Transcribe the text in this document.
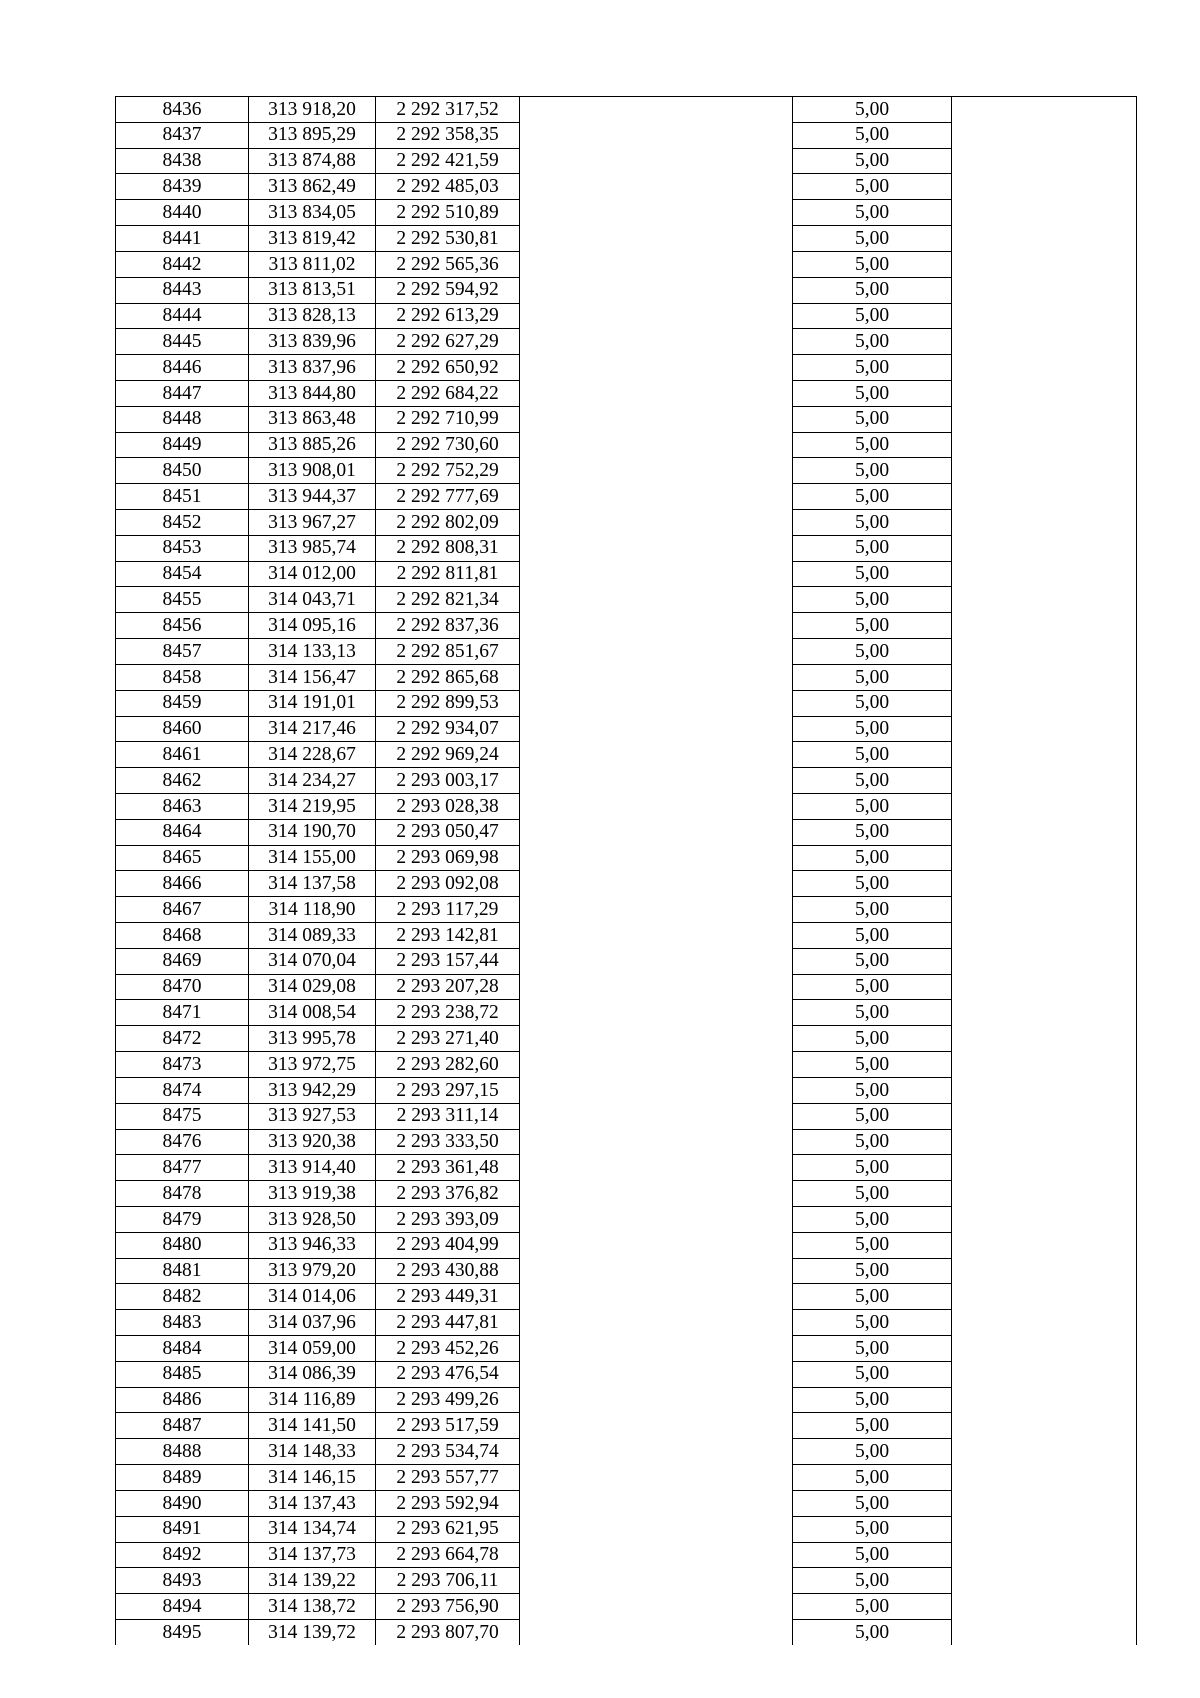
8436	313 918,20	2 292 317,52		5,00	
8437	313 895,29	2 292 358,35		5,00	
8438	313 874,88	2 292 421,59		5,00	
8439	313 862,49	2 292 485,03		5,00	
8440	313 834,05	2 292 510,89		5,00	
8441	313 819,42	2 292 530,81		5,00	
8442	313 811,02	2 292 565,36		5,00	
8443	313 813,51	2 292 594,92		5,00	
8444	313 828,13	2 292 613,29		5,00	
8445	313 839,96	2 292 627,29		5,00	
8446	313 837,96	2 292 650,92		5,00	
8447	313 844,80	2 292 684,22		5,00	
8448	313 863,48	2 292 710,99		5,00	
8449	313 885,26	2 292 730,60		5,00	
8450	313 908,01	2 292 752,29		5,00	
8451	313 944,37	2 292 777,69		5,00	
8452	313 967,27	2 292 802,09		5,00	
8453	313 985,74	2 292 808,31		5,00	
8454	314 012,00	2 292 811,81		5,00	
8455	314 043,71	2 292 821,34		5,00	
8456	314 095,16	2 292 837,36		5,00	
8457	314 133,13	2 292 851,67		5,00	
8458	314 156,47	2 292 865,68		5,00	
8459	314 191,01	2 292 899,53		5,00	
8460	314 217,46	2 292 934,07		5,00	
8461	314 228,67	2 292 969,24		5,00	
8462	314 234,27	2 293 003,17		5,00	
8463	314 219,95	2 293 028,38		5,00	
8464	314 190,70	2 293 050,47		5,00	
8465	314 155,00	2 293 069,98		5,00	
8466	314 137,58	2 293 092,08		5,00	
8467	314 118,90	2 293 117,29		5,00	
8468	314 089,33	2 293 142,81		5,00	
8469	314 070,04	2 293 157,44		5,00	
8470	314 029,08	2 293 207,28		5,00	
8471	314 008,54	2 293 238,72		5,00	
8472	313 995,78	2 293 271,40		5,00	
8473	313 972,75	2 293 282,60		5,00	
8474	313 942,29	2 293 297,15		5,00	
8475	313 927,53	2 293 311,14		5,00	
8476	313 920,38	2 293 333,50		5,00	
8477	313 914,40	2 293 361,48		5,00	
8478	313 919,38	2 293 376,82		5,00	
8479	313 928,50	2 293 393,09		5,00	
8480	313 946,33	2 293 404,99		5,00	
8481	313 979,20	2 293 430,88		5,00	
8482	314 014,06	2 293 449,31		5,00	
8483	314 037,96	2 293 447,81		5,00	
8484	314 059,00	2 293 452,26		5,00	
8485	314 086,39	2 293 476,54		5,00	
8486	314 116,89	2 293 499,26		5,00	
8487	314 141,50	2 293 517,59		5,00	
8488	314 148,33	2 293 534,74		5,00	
8489	314 146,15	2 293 557,77		5,00	
8490	314 137,43	2 293 592,94		5,00	
8491	314 134,74	2 293 621,95		5,00	
8492	314 137,73	2 293 664,78		5,00	
8493	314 139,22	2 293 706,11		5,00	
8494	314 138,72	2 293 756,90		5,00	
8495	314 139,72	2 293 807,70		5,00	
